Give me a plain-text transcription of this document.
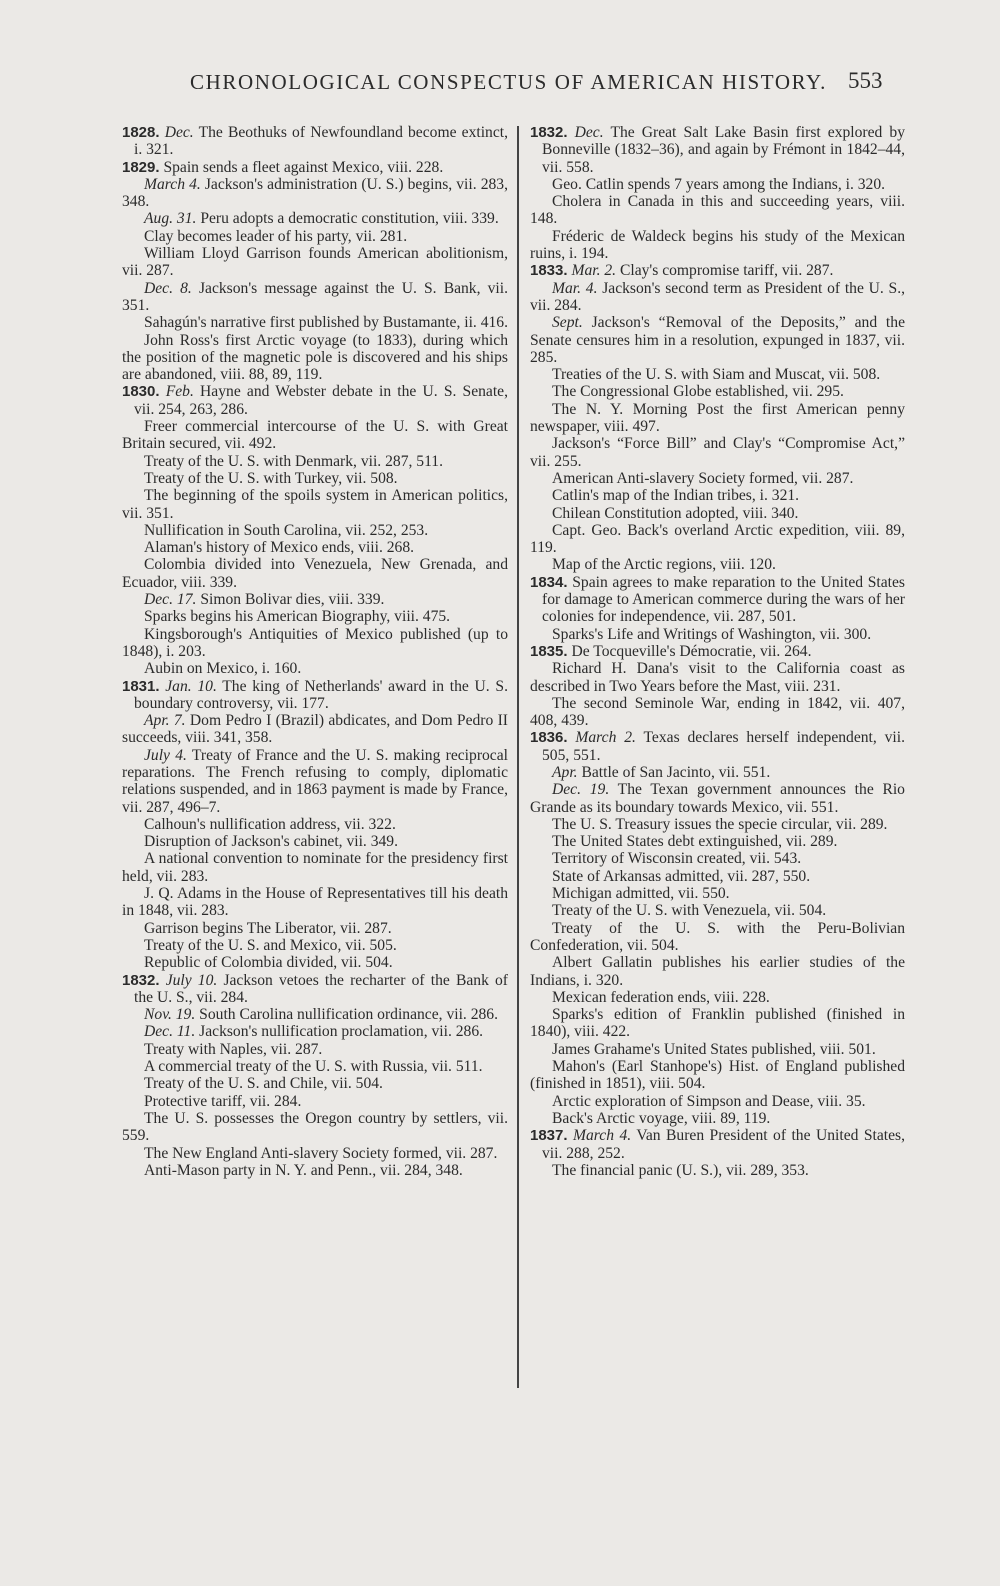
CHRONOLOGICAL CONSPECTUS OF AMERICAN HISTORY. 553

1828. Dec. The Beothuks of Newfoundland become extinct, i. 321.

1829. Spain sends a fleet against Mexico, viii. 228.

March 4. Jackson's administration (U. S.) begins, vii. 283, 348.

Aug. 31. Peru adopts a democratic constitution, viii. 339.

Clay becomes leader of his party, vii. 281.

William Lloyd Garrison founds American abolitionism, vii. 287.

Dec. 8. Jackson's message against the U. S. Bank, vii. 351.

Sahagún's narrative first published by Bustamante, ii. 416.

John Ross's first Arctic voyage (to 1833), during which the position of the magnetic pole is discovered and his ships are abandoned, viii. 88, 89, 119.

1830. Feb. Hayne and Webster debate in the U. S. Senate, vii. 254, 263, 286.

Freer commercial intercourse of the U. S. with Great Britain secured, vii. 492.

Treaty of the U. S. with Denmark, vii. 287, 511.

Treaty of the U. S. with Turkey, vii. 508.

The beginning of the spoils system in American politics, vii. 351.

Nullification in South Carolina, vii. 252, 253.

Alaman's history of Mexico ends, viii. 268.

Colombia divided into Venezuela, New Grenada, and Ecuador, viii. 339.

Dec. 17. Simon Bolivar dies, viii. 339.

Sparks begins his American Biography, viii. 475.

Kingsborough's Antiquities of Mexico published (up to 1848), i. 203.

Aubin on Mexico, i. 160.

1831. Jan. 10. The king of Netherlands' award in the U. S. boundary controversy, vii. 177.

Apr. 7. Dom Pedro I (Brazil) abdicates, and Dom Pedro II succeeds, viii. 341, 358.

July 4. Treaty of France and the U. S. making reciprocal reparations. The French refusing to comply, diplomatic relations suspended, and in 1863 payment is made by France, vii. 287, 496–7.

Calhoun's nullification address, vii. 322.

Disruption of Jackson's cabinet, vii. 349.

A national convention to nominate for the presidency first held, vii. 283.

J. Q. Adams in the House of Representatives till his death in 1848, vii. 283.

Garrison begins The Liberator, vii. 287.

Treaty of the U. S. and Mexico, vii. 505.

Republic of Colombia divided, vii. 504.

1832. July 10. Jackson vetoes the recharter of the Bank of the U. S., vii. 284.

Nov. 19. South Carolina nullification ordinance, vii. 286.

Dec. 11. Jackson's nullification proclamation, vii. 286.

Treaty with Naples, vii. 287.

A commercial treaty of the U. S. with Russia, vii. 511.

Treaty of the U. S. and Chile, vii. 504.

Protective tariff, vii. 284.

The U. S. possesses the Oregon country by settlers, vii. 559.

The New England Anti-slavery Society formed, vii. 287.

Anti-Mason party in N. Y. and Penn., vii. 284, 348.

1832. Dec. The Great Salt Lake Basin first explored by Bonneville (1832–36), and again by Frémont in 1842–44, vii. 558.

Geo. Catlin spends 7 years among the Indians, i. 320.

Cholera in Canada in this and succeeding years, viii. 148.

Fréderic de Waldeck begins his study of the Mexican ruins, i. 194.

1833. Mar. 2. Clay's compromise tariff, vii. 287.

Mar. 4. Jackson's second term as President of the U. S., vii. 284.

Sept. Jackson's “Removal of the Deposits,” and the Senate censures him in a resolution, expunged in 1837, vii. 285.

Treaties of the U. S. with Siam and Muscat, vii. 508.

The Congressional Globe established, vii. 295.

The N. Y. Morning Post the first American penny newspaper, viii. 497.

Jackson's “Force Bill” and Clay's “Compromise Act,” vii. 255.

American Anti-slavery Society formed, vii. 287.

Catlin's map of the Indian tribes, i. 321.

Chilean Constitution adopted, viii. 340.

Capt. Geo. Back's overland Arctic expedition, viii. 89, 119.

Map of the Arctic regions, viii. 120.

1834. Spain agrees to make reparation to the United States for damage to American commerce during the wars of her colonies for independence, vii. 287, 501.

Sparks's Life and Writings of Washington, vii. 300.

1835. De Tocqueville's Démocratie, vii. 264.

Richard H. Dana's visit to the California coast as described in Two Years before the Mast, viii. 231.

The second Seminole War, ending in 1842, vii. 407, 408, 439.

1836. March 2. Texas declares herself independent, vii. 505, 551.

Apr. Battle of San Jacinto, vii. 551.

Dec. 19. The Texan government announces the Rio Grande as its boundary towards Mexico, vii. 551.

The U. S. Treasury issues the specie circular, vii. 289.

The United States debt extinguished, vii. 289.

Territory of Wisconsin created, vii. 543.

State of Arkansas admitted, vii. 287, 550.

Michigan admitted, vii. 550.

Treaty of the U. S. with Venezuela, vii. 504.

Treaty of the U. S. with the Peru-Bolivian Confederation, vii. 504.

Albert Gallatin publishes his earlier studies of the Indians, i. 320.

Mexican federation ends, viii. 228.

Sparks's edition of Franklin published (finished in 1840), viii. 422.

James Grahame's United States published, viii. 501.

Mahon's (Earl Stanhope's) Hist. of England published (finished in 1851), viii. 504.

Arctic exploration of Simpson and Dease, viii. 35.

Back's Arctic voyage, viii. 89, 119.

1837. March 4. Van Buren President of the United States, vii. 288, 252.

The financial panic (U. S.), vii. 289, 353.
